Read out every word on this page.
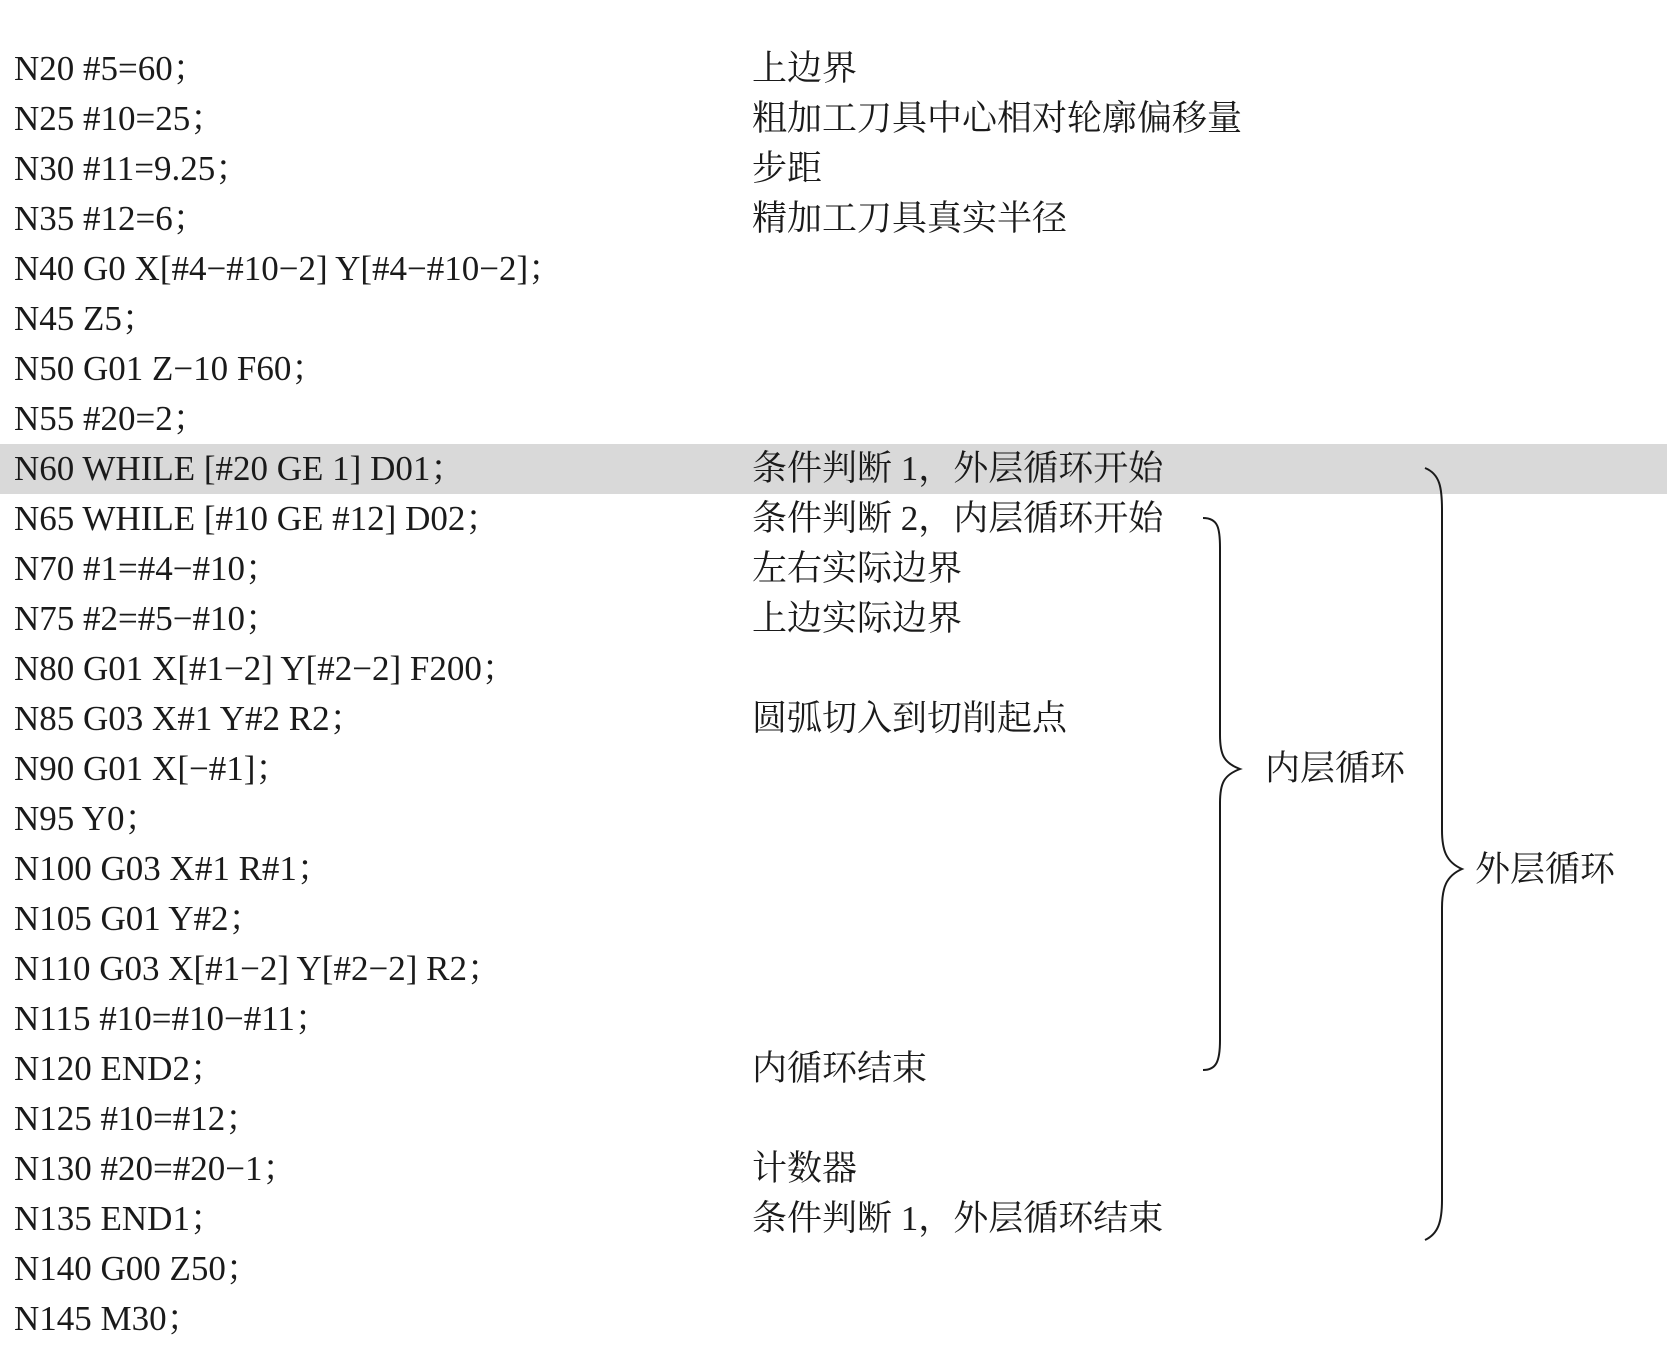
N20 #5=60；	上边界
N25 #10=25；	粗加工刀具中心相对轮廓偏移量
N30 #11=9.25；	步距
N35 #12=6；	精加工刀具真实半径
N40 G0 X[#4−#10−2] Y[#4−#10−2]；
N45 Z5；
N50 G01 Z−10 F60；
N55 #20=2；
N60 WHILE [#20 GE 1] D01；	条件判断 1，外层循环开始
N65 WHILE [#10 GE #12] D02；	条件判断 2，内层循环开始
N70 #1=#4−#10；	左右实际边界
N75 #2=#5−#10；	上边实际边界
N80 G01 X[#1−2] Y[#2−2] F200；
N85 G03 X#1 Y#2 R2；	圆弧切入到切削起点
N90 G01 X[−#1]；
N95 Y0；
N100 G03 X#1 R#1；
N105 G01 Y#2；
N110 G03 X[#1−2] Y[#2−2] R2；
N115 #10=#10−#11；
N120 END2；	内循环结束
N125 #10=#12；
N130 #20=#20−1；	计数器
N135 END1；	条件判断 1，外层循环结束
N140 G00 Z50；
N145 M30；
内层循环
外层循环
